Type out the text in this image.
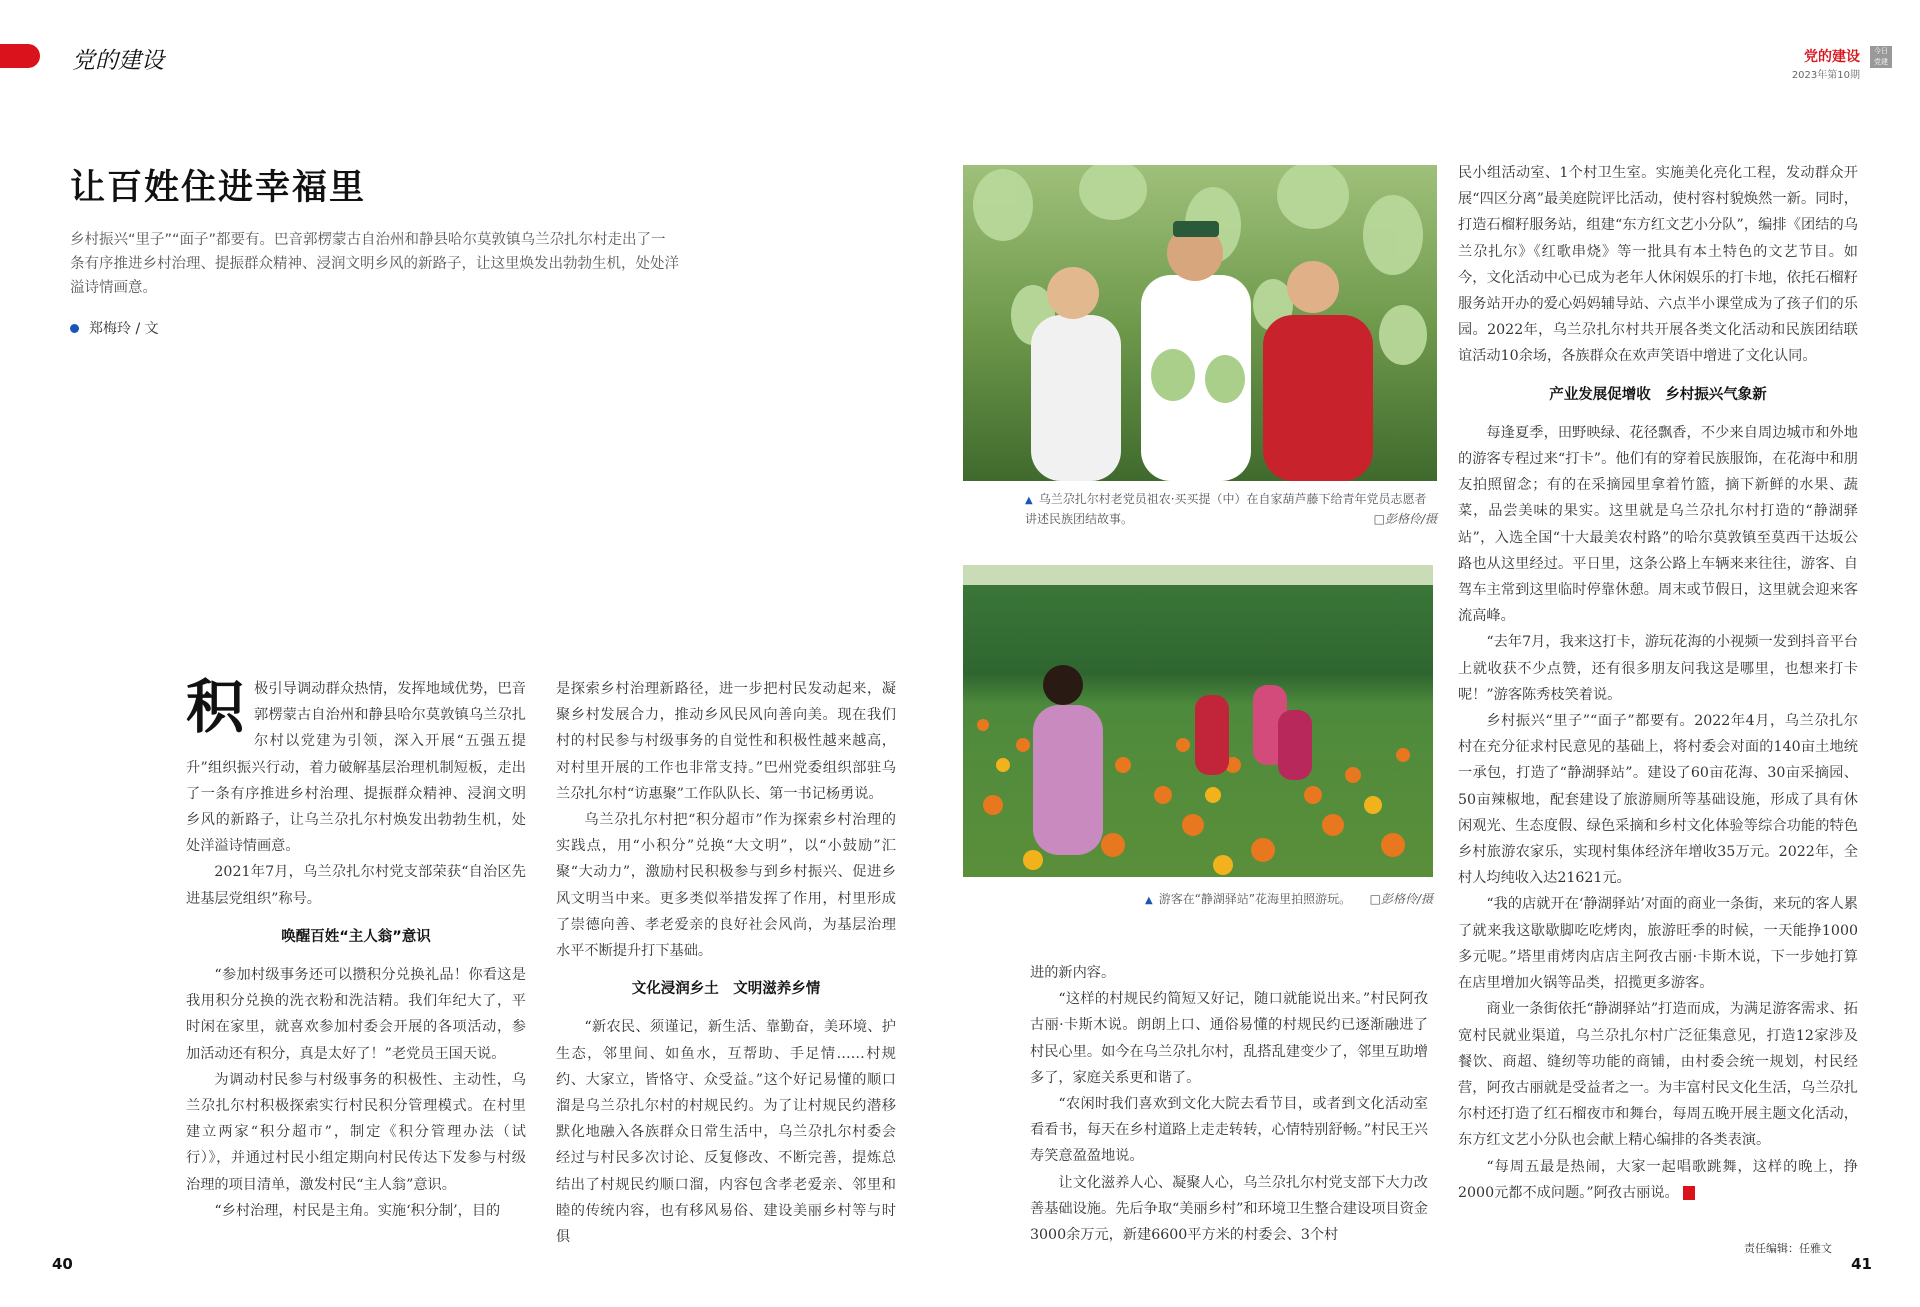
党的建设	党的建设
2023年第10期
今日 党建
让百姓住进幸福里
乡村振兴“里子”“面子”都要有。巴音郭楞蒙古自治州和静县哈尔莫敦镇乌兰尕扎尔村走出了一条有序推进乡村治理、提振群众精神、浸润文明乡风的新路子，让这里焕发出勃勃生机，处处洋溢诗情画意。
郑梅玲 / 文
积 极引导调动群众热情，发挥地域优势，巴音郭楞蒙古自治州和静县哈尔莫敦镇乌兰尕扎尔村以党建为引领，深入开展“五强五提升”组织振兴行动，着力破解基层治理机制短板，走出了一条有序推进乡村治理、提振群众精神、浸润文明乡风的新路子，让乌兰尕扎尔村焕发出勃勃生机，处处洋溢诗情画意。

2021年7月，乌兰尕扎尔村党支部荣获“自治区先进基层党组织”称号。

唤醒百姓“主人翁”意识

“参加村级事务还可以攒积分兑换礼品！你看这是我用积分兑换的洗衣粉和洗洁精。我们年纪大了，平时闲在家里，就喜欢参加村委会开展的各项活动，参加活动还有积分，真是太好了！”老党员王国天说。

为调动村民参与村级事务的积极性、主动性，乌兰尕扎尔村积极探索实行村民积分管理模式。在村里建立两家“积分超市”，制定《积分管理办法（试行）》，并通过村民小组定期向村民传达下发参与村级治理的项目清单，激发村民“主人翁”意识。

“乡村治理，村民是主角。实施‘积分制’，目的

是探索乡村治理新路径，进一步把村民发动起来，凝聚乡村发展合力，推动乡风民风向善向美。现在我们村的村民参与村级事务的自觉性和积极性越来越高，对村里开展的工作也非常支持。”巴州党委组织部驻乌兰尕扎尔村“访惠聚”工作队队长、第一书记杨勇说。

乌兰尕扎尔村把“积分超市”作为探索乡村治理的实践点，用“小积分”兑换“大文明”，以“小鼓励”汇聚“大动力”，激励村民积极参与到乡村振兴、促进乡风文明当中来。更多类似举措发挥了作用，村里形成了崇德向善、孝老爱亲的良好社会风尚，为基层治理水平不断提升打下基础。

文化浸润乡土　文明滋养乡情

“新农民、须谨记，新生活、靠勤奋，美环境、护生态，邻里间、如鱼水，互帮助、手足情……村规约、大家立，皆恪守、众受益。”这个好记易懂的顺口溜是乌兰尕扎尔村的村规民约。为了让村规民约潜移默化地融入各族群众日常生活中，乌兰尕扎尔村委会经过与村民多次讨论、反复修改、不断完善，提炼总结出了村规民约顺口溜，内容包含孝老爱亲、邻里和睦的传统内容，也有移风易俗、建设美丽乡村等与时俱

▲ 乌兰尕扎尔村老党员祖农·买买提（中）在自家葫芦藤下给青年党员志愿者讲述民族团结故事。	□彭格伶/摄
▲ 游客在“静湖驿站”花海里拍照游玩。 □彭格伶/摄

进的新内容。

“这样的村规民约简短又好记，随口就能说出来。”村民阿孜古丽·卡斯木说。朗朗上口、通俗易懂的村规民约已逐渐融进了村民心里。如今在乌兰尕扎尔村，乱搭乱建变少了，邻里互助增多了，家庭关系更和谐了。

“农闲时我们喜欢到文化大院去看节目，或者到文化活动室看看书，每天在乡村道路上走走转转，心情特别舒畅。”村民王兴寿笑意盈盈地说。

让文化滋养人心、凝聚人心，乌兰尕扎尔村党支部下大力改善基础设施。先后争取“美丽乡村”和环境卫生整合建设项目资金3000余万元，新建6600平方米的村委会、3个村

民小组活动室、1个村卫生室。实施美化亮化工程，发动群众开展“四区分离”最美庭院评比活动，使村容村貌焕然一新。同时，打造石榴籽服务站，组建“东方红文艺小分队”，编排《团结的乌兰尕扎尔》《红歌串烧》等一批具有本土特色的文艺节目。如今，文化活动中心已成为老年人休闲娱乐的打卡地，依托石榴籽服务站开办的爱心妈妈辅导站、六点半小课堂成为了孩子们的乐园。2022年，乌兰尕扎尔村共开展各类文化活动和民族团结联谊活动10余场，各族群众在欢声笑语中增进了文化认同。

产业发展促增收　乡村振兴气象新

每逢夏季，田野映绿、花径飘香，不少来自周边城市和外地的游客专程过来“打卡”。他们有的穿着民族服饰，在花海中和朋友拍照留念；有的在采摘园里拿着竹篮，摘下新鲜的水果、蔬菜，品尝美味的果实。这里就是乌兰尕扎尔村打造的“静湖驿站”，入选全国“十大最美农村路”的哈尔莫敦镇至莫西干达坂公路也从这里经过。平日里，这条公路上车辆来来往往，游客、自驾车主常到这里临时停靠休憩。周末或节假日，这里就会迎来客流高峰。

“去年7月，我来这打卡，游玩花海的小视频一发到抖音平台上就收获不少点赞，还有很多朋友问我这是哪里，也想来打卡呢！”游客陈秀枝笑着说。

乡村振兴“里子”“面子”都要有。2022年4月，乌兰尕扎尔村在充分征求村民意见的基础上，将村委会对面的140亩土地统一承包，打造了“静湖驿站”。建设了60亩花海、30亩采摘园、50亩辣椒地，配套建设了旅游厕所等基础设施，形成了具有休闲观光、生态度假、绿色采摘和乡村文化体验等综合功能的特色乡村旅游农家乐，实现村集体经济年增收35万元。2022年，全村人均纯收入达21621元。

“我的店就开在‘静湖驿站’对面的商业一条街，来玩的客人累了就来我这歇歇脚吃吃烤肉，旅游旺季的时候，一天能挣1000多元呢。”塔里甫烤肉店店主阿孜古丽·卡斯木说，下一步她打算在店里增加火锅等品类，招揽更多游客。

商业一条街依托“静湖驿站”打造而成，为满足游客需求、拓宽村民就业渠道，乌兰尕扎尔村广泛征集意见，打造12家涉及餐饮、商超、缝纫等功能的商铺，由村委会统一规划，村民经营，阿孜古丽就是受益者之一。为丰富村民文化生活，乌兰尕扎尔村还打造了红石榴夜市和舞台，每周五晚开展主题文化活动，东方红文艺小分队也会献上精心编排的各类表演。

“每周五最是热闹，大家一起唱歌跳舞，这样的晚上，挣2000元都不成问题。”阿孜古丽说。

40
责任编辑：任雅文
41
